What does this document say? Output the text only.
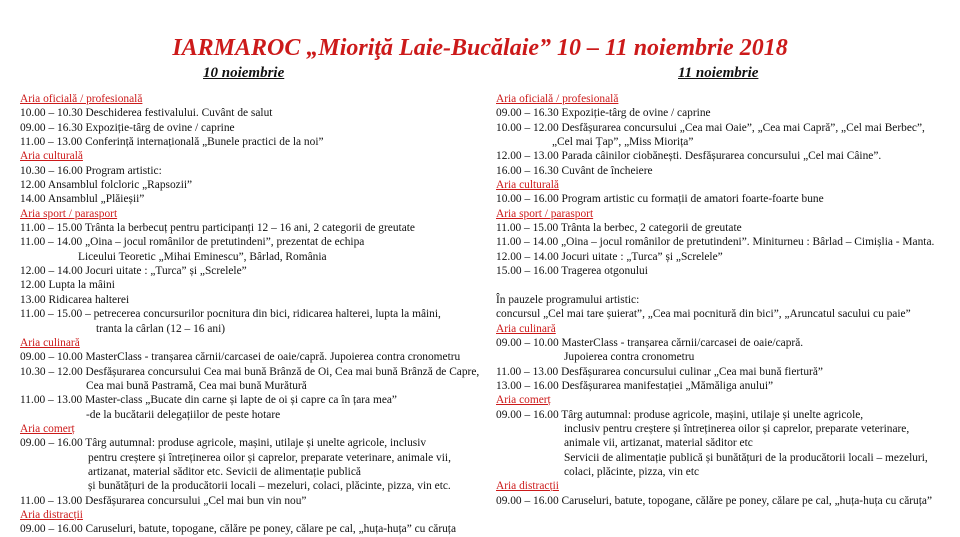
IARMAROC „Mioriţă Laie-Bucălaie” 10 – 11 noiembrie 2018
10 noiembrie	11 noiembrie
Aria oficială / profesională
10.00 – 10.30 Deschiderea festivalului. Cuvânt de salut
09.00 – 16.30 Expoziție-târg de ovine / caprine
11.00 – 13.00 Conferință internațională „Bunele practici de la noi”
Aria culturală
10.30 – 16.00 Program artistic:
12.00 Ansamblul folcloric „Rapsozii”
14.00 Ansamblul „Plăieșii”
Aria sport / parasport
11.00 – 15.00 Trânta la berbecuț pentru participanți 12 – 16 ani, 2 categorii de greutate
11.00 – 14.00 „Oina – jocul românilor de pretutindeni”, prezentat de echipa
Liceului Teoretic „Mihai Eminescu”, Bârlad, România
12.00 – 14.00 Jocuri uitate : „Turca” și „Screlele”
12.00 Lupta la mâini
13.00 Ridicarea halterei
11.00 – 15.00 – petrecerea concursurilor pocnitura din bici, ridicarea halterei, lupta la mâini,
tranta la cârlan (12 – 16 ani)
Aria culinară
09.00 – 10.00 MasterClass - tranșarea cărnii/carcasei de oaie/capră. Jupoierea contra cronometru
10.30 – 12.00 Desfășurarea concursului Cea mai bună Brânză de Oi, Cea mai bună Brânză de Capre,
Cea mai bună Pastramă, Cea mai bună Murătură
11.00 – 13.00 Master-class „Bucate din carne și lapte de oi și capre ca în țara mea”
-de la bucătarii delegațiilor de peste hotare
Aria comerț
09.00 – 16.00 Târg autumnal: produse agricole, mașini, utilaje și unelte agricole, inclusiv
pentru creștere și întreținerea oilor și caprelor, preparate veterinare, animale vii,
artizanat, material săditor etc. Sevicii de alimentație publică
și bunătățuri de la producătorii locali – mezeluri, colaci, plăcinte, pizza, vin etc.
11.00 – 13.00 Desfășurarea concursului „Cel mai bun vin nou”
Aria distracții
09.00 – 16.00 Caruseluri, batute, topogane, călăre pe poney, călare pe cal, „huța-huța” cu căruța
Aria oficială / profesională
09.00 – 16.30 Expoziție-târg de ovine / caprine
10.00 – 12.00 Desfășurarea concursului „Cea mai Oaie”, „Cea mai Capră”, „Cel mai Berbec”,
„Cel mai Țap”, „Miss Miorița”
12.00 – 13.00 Parada câinilor ciobănești. Desfășurarea concursului „Cel mai Câine”.
16.00 – 16.30 Cuvânt de încheiere
Aria culturală
10.00 – 16.00 Program artistic cu formații de amatori foarte-foarte bune
Aria sport / parasport
11.00 – 15.00 Trânta la berbec, 2 categorii de greutate
11.00 – 14.00 „Oina – jocul românilor de pretutindeni”. Miniturneu : Bârlad – Cimișlia - Manta.
12.00 – 14.00 Jocuri uitate : „Turca” și „Screlele”
15.00 – 16.00 Tragerea otgonului
În pauzele programului artistic:
concursul „Cel mai tare șuierat”, „Cea mai pocnitură din bici”, „Aruncatul sacului cu paie”
Aria culinară
09.00 – 10.00 MasterClass - tranșarea cărnii/carcasei de oaie/capră.
Jupoierea contra cronometru
11.00 – 13.00 Desfășurarea concursului culinar „Cea mai bună fiertură”
13.00 – 16.00 Desfășurarea manifestației „Mămăliga anului”
Aria comerț
09.00 – 16.00 Târg autumnal: produse agricole, mașini, utilaje și unelte agricole,
inclusiv pentru creștere și întreținerea oilor și caprelor, preparate veterinare,
animale vii, artizanat, material săditor etc
Servicii de alimentație publică și bunătățuri de la producătorii locali – mezeluri,
colaci, plăcinte, pizza, vin etc
Aria distracții
09.00 – 16.00 Caruseluri, batute, topogane, călăre pe poney, călare pe cal, „huța-huța cu căruța”
